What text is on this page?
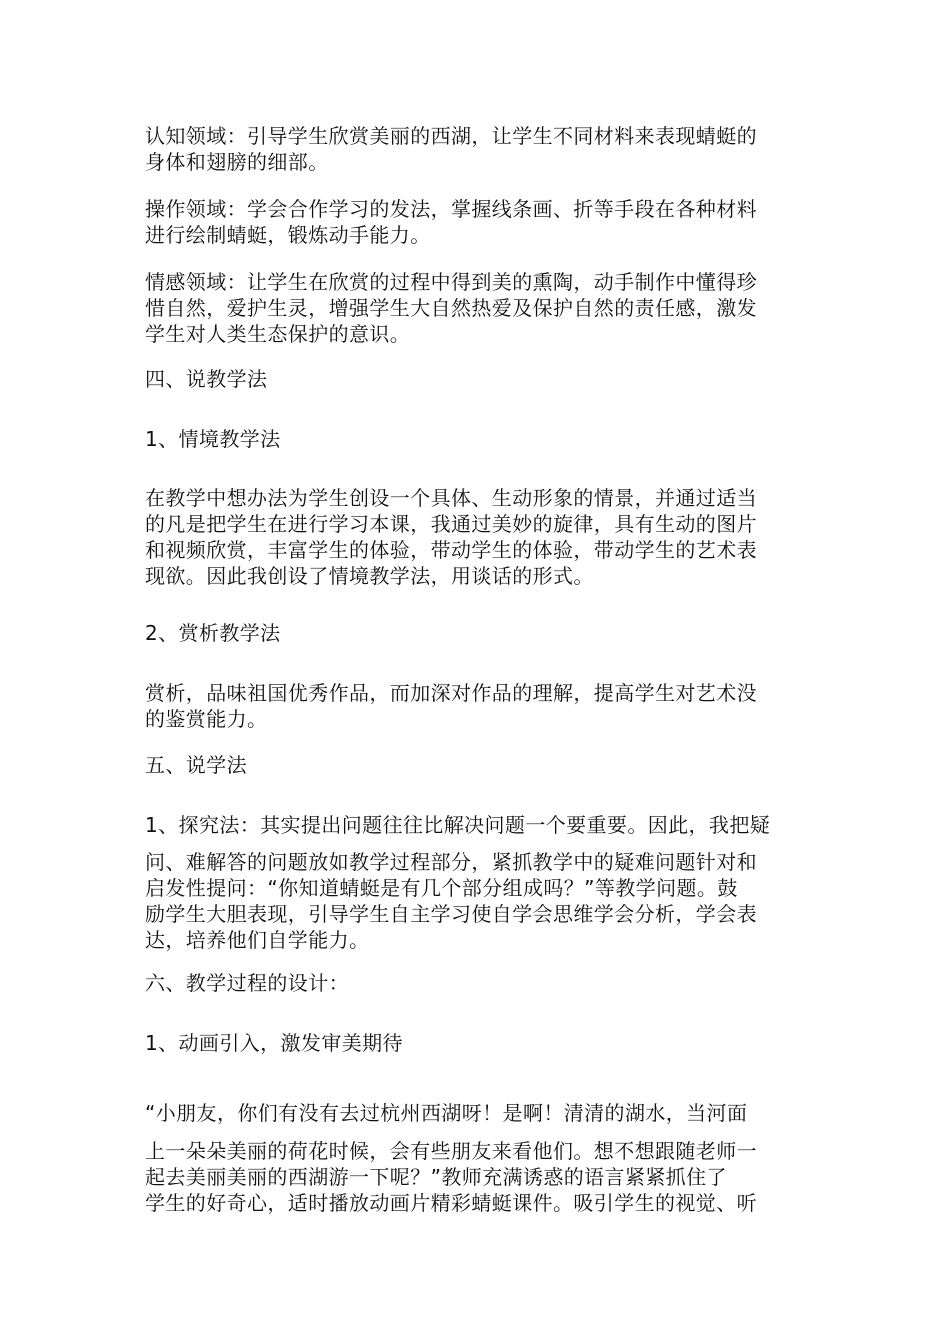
认知领域：引导学生欣赏美丽的西湖，让学生不同材料来表现蜻蜓的
身体和翅膀的细部。
操作领域：学会合作学习的发法，掌握线条画、折等手段在各种材料
进行绘制蜻蜓，锻炼动手能力。
情感领域：让学生在欣赏的过程中得到美的熏陶，动手制作中懂得珍
惜自然，爱护生灵，增强学生大自然热爱及保护自然的责任感，激发
学生对人类生态保护的意识。
四、说教学法
1、情境教学法
在教学中想办法为学生创设一个具体、生动形象的情景，并通过适当
的凡是把学生在进行学习本课，我通过美妙的旋律，具有生动的图片
和视频欣赏，丰富学生的体验，带动学生的体验，带动学生的艺术表
现欲。因此我创设了情境教学法，用谈话的形式。
2、赏析教学法
赏析，品味祖国优秀作品，而加深对作品的理解，提高学生对艺术没
的鉴赏能力。
五、说学法
1、探究法：其实提出问题往往比解决问题一个要重要。因此，我把疑
问、难解答的问题放如教学过程部分，紧抓教学中的疑难问题针对和
启发性提问：“你知道蜻蜓是有几个部分组成吗？”等教学问题。鼓
励学生大胆表现，引导学生自主学习使自学会思维学会分析，学会表
达，培养他们自学能力。
六、教学过程的设计：
1、动画引入，激发审美期待
“小朋友，你们有没有去过杭州西湖呀！是啊！清清的湖水，当河面
上一朵朵美丽的荷花时候，会有些朋友来看他们。想不想跟随老师一
起去美丽美丽的西湖游一下呢？”教师充满诱惑的语言紧紧抓住了
学生的好奇心，适时播放动画片精彩蜻蜓课件。吸引学生的视觉、听
